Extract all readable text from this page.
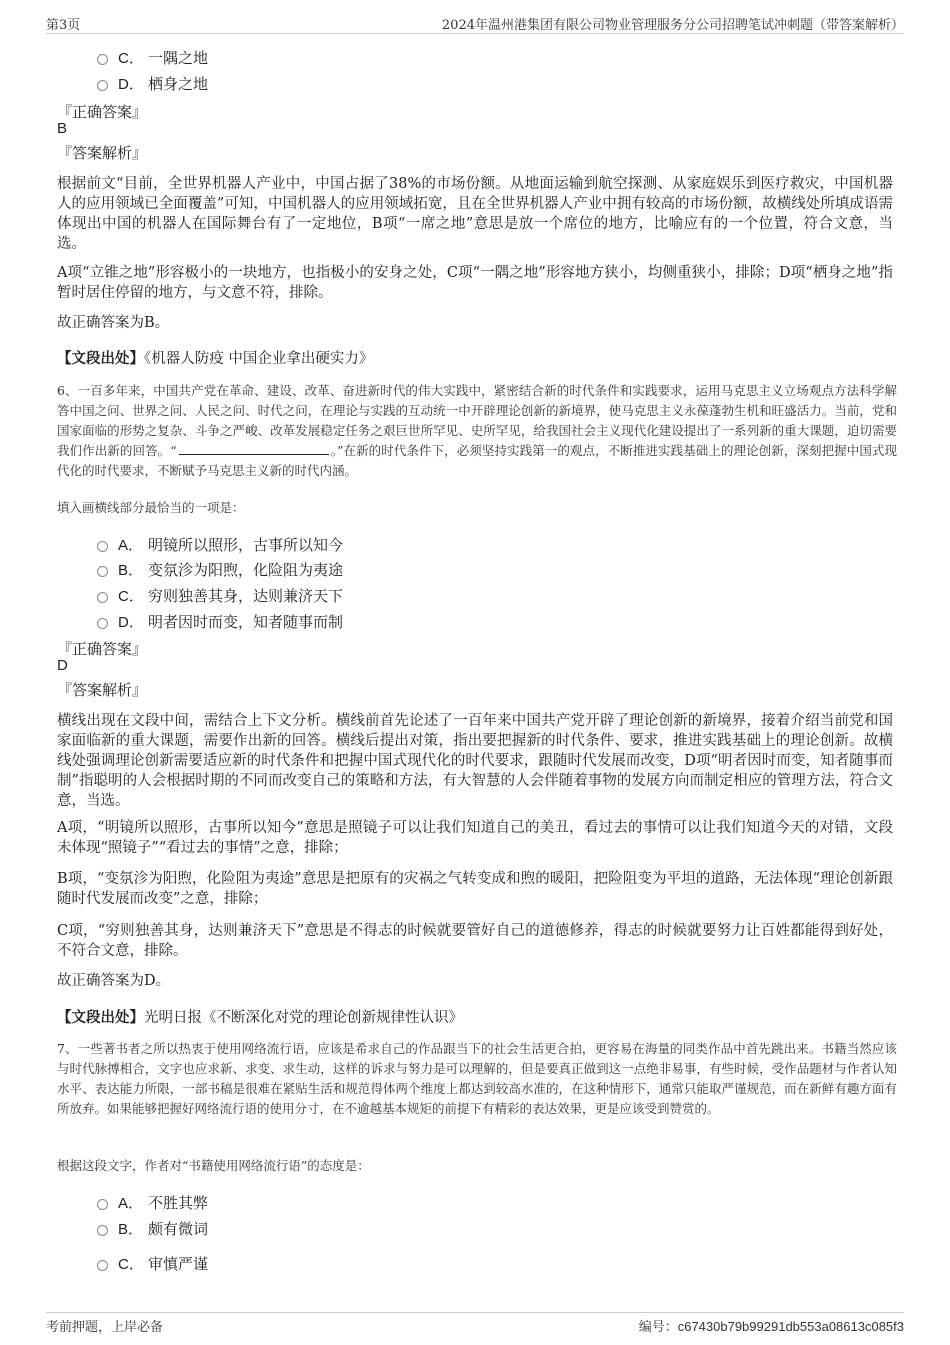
第3页	2024年温州港集团有限公司物业管理服务分公司招聘笔试冲刺题（带答案解析）
C． 一隅之地
D． 栖身之地
『正确答案』
B
『答案解析』
根据前文“目前，全世界机器人产业中，中国占据了38%的市场份额。从地面运输到航空探测、从家庭娱乐到医疗救灾，中国机器人的应用领域已全面覆盖”可知，中国机器人的应用领域拓宽，且在全世界机器人产业中拥有较高的市场份额，故横线处所填成语需体现出中国的机器人在国际舞台有了一定地位，B项“一席之地”意思是放一个席位的地方，比喻应有的一个位置，符合文意，当选。
A项“立锥之地”形容极小的一块地方，也指极小的安身之处，C项“一隅之地”形容地方狭小，均侧重狭小，排除；D项“栖身之地”指暂时居住停留的地方，与文意不符，排除。
故正确答案为B。
【文段出处】《机器人防疫 中国企业拿出硬实力》
6、一百多年来，中国共产党在革命、建设、改革、奋进新时代的伟大实践中，紧密结合新的时代条件和实践要求，运用马克思主义立场观点方法科学解答中国之问、世界之问、人民之问、时代之问，在理论与实践的互动统一中开辟理论创新的新境界，使马克思主义永葆蓬勃生机和旺盛活力。当前，党和国家面临的形势之复杂、斗争之严峻、改革发展稳定任务之艰巨世所罕见、史所罕见，给我国社会主义现代化建设提出了一系列新的重大课题，迫切需要我们作出新的回答。“	。”在新的时代条件下，必须坚持实践第一的观点，不断推进实践基础上的理论创新，深刻把握中国式现代化的时代要求，不断赋予马克思主义新的时代内涵。
填入画横线部分最恰当的一项是：
A． 明镜所以照形，古事所以知今
B． 变氛沴为阳煦，化险阻为夷途
C． 穷则独善其身，达则兼济天下
D． 明者因时而变，知者随事而制
『正确答案』
D
『答案解析』
横线出现在文段中间，需结合上下文分析。横线前首先论述了一百年来中国共产党开辟了理论创新的新境界，接着介绍当前党和国家面临新的重大课题，需要作出新的回答。横线后提出对策，指出要把握新的时代条件、要求，推进实践基础上的理论创新。故横线处强调理论创新需要适应新的时代条件和把握中国式现代化的时代要求，跟随时代发展而改变，D项“明者因时而变，知者随事而制”指聪明的人会根据时期的不同而改变自己的策略和方法，有大智慧的人会伴随着事物的发展方向而制定相应的管理方法，符合文意，当选。
A项，“明镜所以照形，古事所以知今”意思是照镜子可以让我们知道自己的美丑，看过去的事情可以让我们知道今天的对错，文段未体现“照镜子”“看过去的事情”之意，排除；
B项，“变氛沴为阳煦，化险阻为夷途”意思是把原有的灾祸之气转变成和煦的暖阳，把险阻变为平坦的道路，无法体现“理论创新跟随时代发展而改变”之意，排除；
C项，“穷则独善其身，达则兼济天下”意思是不得志的时候就要管好自己的道德修养，得志的时候就要努力让百姓都能得到好处，不符合文意，排除。
故正确答案为D。
【文段出处】光明日报《不断深化对党的理论创新规律性认识》
7、一些著书者之所以热衷于使用网络流行语，应该是希求自己的作品跟当下的社会生活更合拍，更容易在海量的同类作品中首先跳出来。书籍当然应该与时代脉搏相合，文字也应求新、求变、求生动，这样的诉求与努力是可以理解的，但是要真正做到这一点绝非易事，有些时候，受作品题材与作者认知水平、表达能力所限，一部书稿是很难在紧贴生活和规范得体两个维度上都达到较高水准的，在这种情形下，通常只能取严谨规范，而在新鲜有趣方面有所放弃。如果能够把握好网络流行语的使用分寸，在不逾越基本规矩的前提下有精彩的表达效果，更是应该受到赞赏的。
根据这段文字，作者对“书籍使用网络流行语”的态度是：
A． 不胜其弊
B． 颇有微词
C． 审慎严谨
考前押题，上岸必备	编号：c67430b79b99291db553a08613c085f3
